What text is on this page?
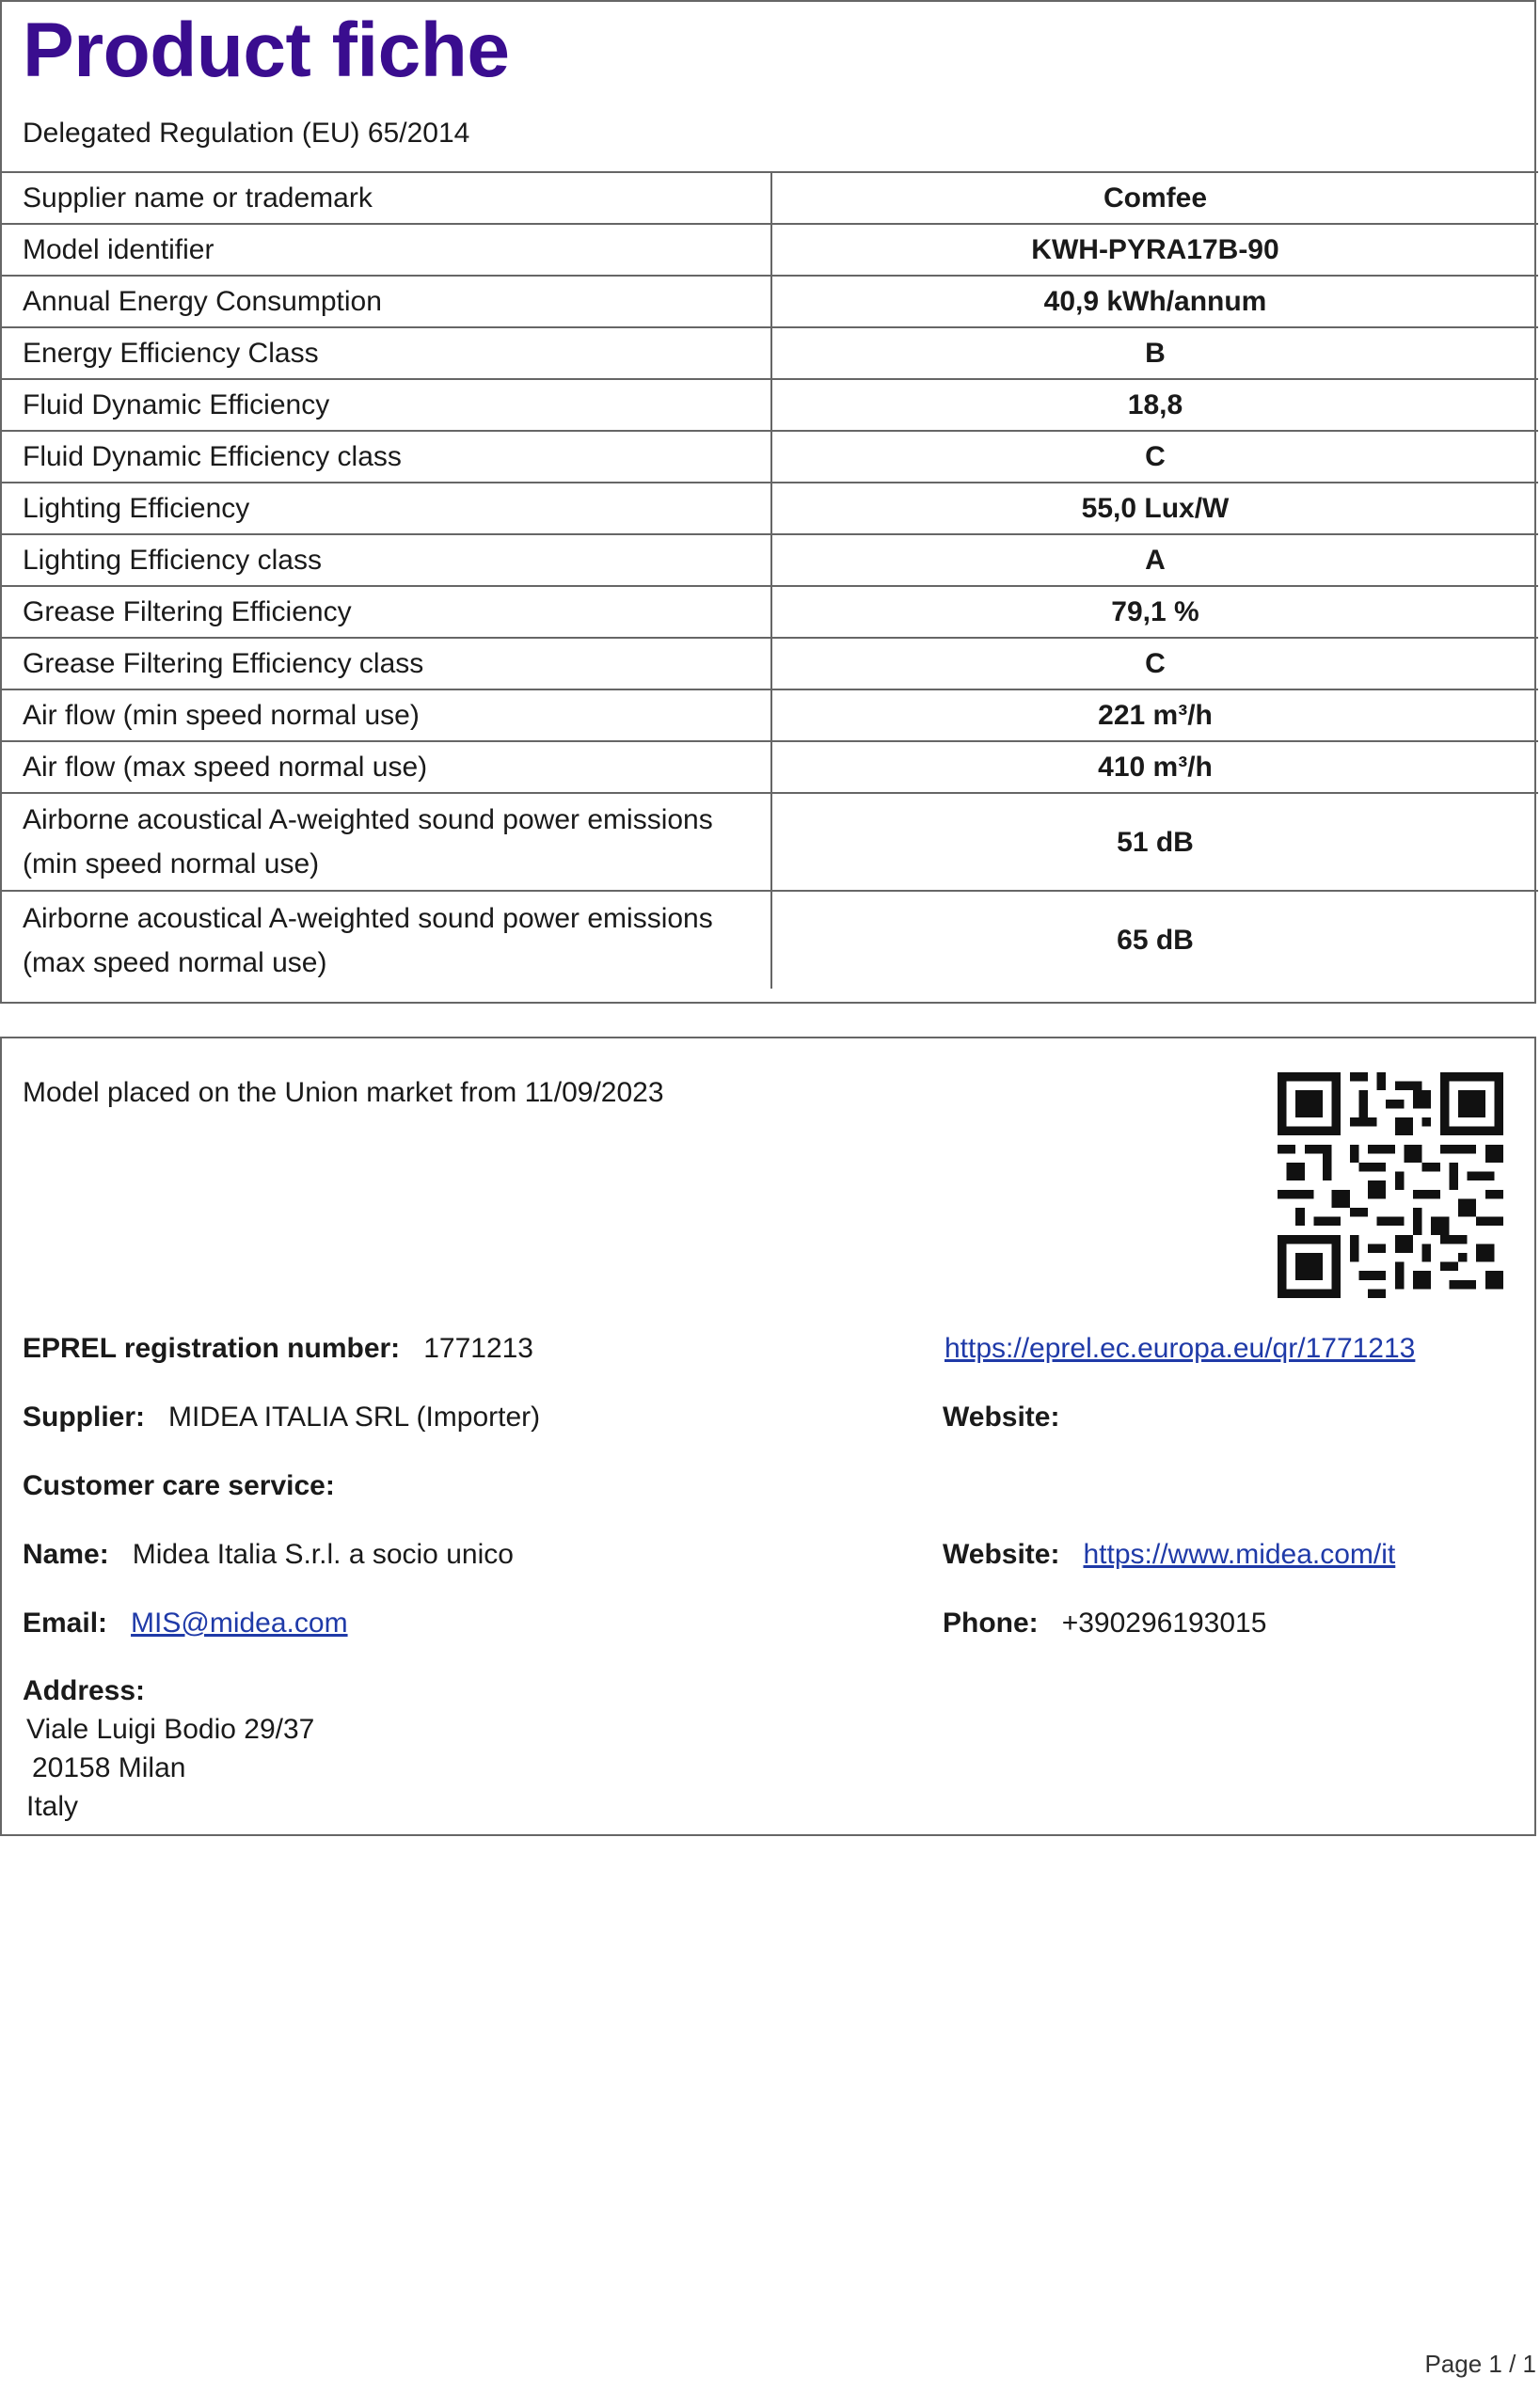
Product fiche
Delegated Regulation (EU) 65/2014
Supplier name or trademark	Comfee
Model identifier	KWH-PYRA17B-90
Annual Energy Consumption	40,9 kWh/annum
Energy Efficiency Class	B
Fluid Dynamic Efficiency	18,8
Fluid Dynamic Efficiency class	C
Lighting Efficiency	55,0 Lux/W
Lighting Efficiency class	A
Grease Filtering Efficiency	79,1 %
Grease Filtering Efficiency class	C
Air flow (min speed normal use)	221 m³/h
Air flow (max speed normal use)	410 m³/h

Airborne acoustical A-weighted sound power emissions
(min speed normal use)	51 dB

Airborne acoustical A-weighted sound power emissions
(max speed normal use)	65 dB
Model placed on the Union market from 11/09/2023
EPREL registration number: 1771213	https://eprel.ec.europa.eu/qr/1771213
Supplier: MIDEA ITALIA SRL (Importer)	Website:
Customer care service:
Name: Midea Italia S.r.l. a socio unico	Website: https://www.midea.com/it
Email: MIS@midea.com	Phone: +390296193015
Address:
Viale Luigi Bodio 29/37
20158 Milan
Italy
Page 1 / 1
